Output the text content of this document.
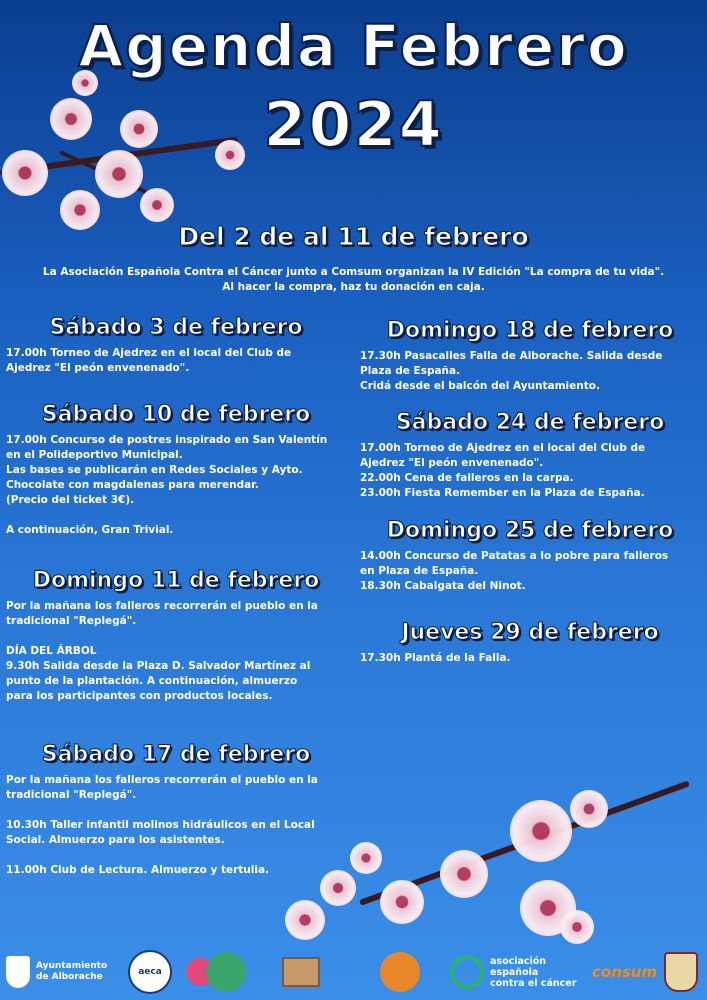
Agenda Febrero
2024
Del 2 de al 11 de febrero
La Asociación Española Contra el Cáncer junto a Comsum organizan la IV Edición "La compra de tu vida".
Al hacer la compra, haz tu donación en caja.
Sábado 3 de febrero

17.00h Torneo de Ajedrez en el local del Club de
Ajedrez "El peón envenenado".

Sábado 10 de febrero

17.00h Concurso de postres inspirado en San Valentín
en el Polideportivo Municipal.
Las bases se publicarán en Redes Sociales y Ayto.
Chocolate con magdalenas para merendar.
(Precio del ticket 3€).

A continuación, Gran Trivial.

Domingo 11 de febrero

Por la mañana los falleros recorrerán el pueblo en la
tradicional "Replegá".

DÍA DEL ÁRBOL
9.30h Salida desde la Plaza D. Salvador Martínez al
punto de la plantación. A continuación, almuerzo
para los participantes con productos locales.

Sábado 17 de febrero

Por la mañana los falleros recorrerán el pueblo en la
tradicional "Replegá".

10.30h Taller infantil molinos hidráulicos en el Local
Social. Almuerzo para los asistentes.

11.00h Club de Lectura. Almuerzo y tertulia.

Domingo 18 de febrero

17.30h Pasacalles Falla de Alborache. Salida desde
Plaza de España.
Cridá desde el balcón del Ayuntamiento.

Sábado 24 de febrero

17.00h Torneo de Ajedrez en el local del Club de
Ajedrez "El peón envenenado".
22.00h Cena de falleros en la carpa.
23.00h Fiesta Remember en la Plaza de España.

Domingo 25 de febrero

14.00h Concurso de Patatas a lo pobre para falleros
en Plaza de España.
18.30h Cabalgata del Ninot.

Jueves 29 de febrero

17.30h Plantá de la Falla.

Ayuntamiento
de Alborache	aeca
asociación
española
contra el cáncer
consum
